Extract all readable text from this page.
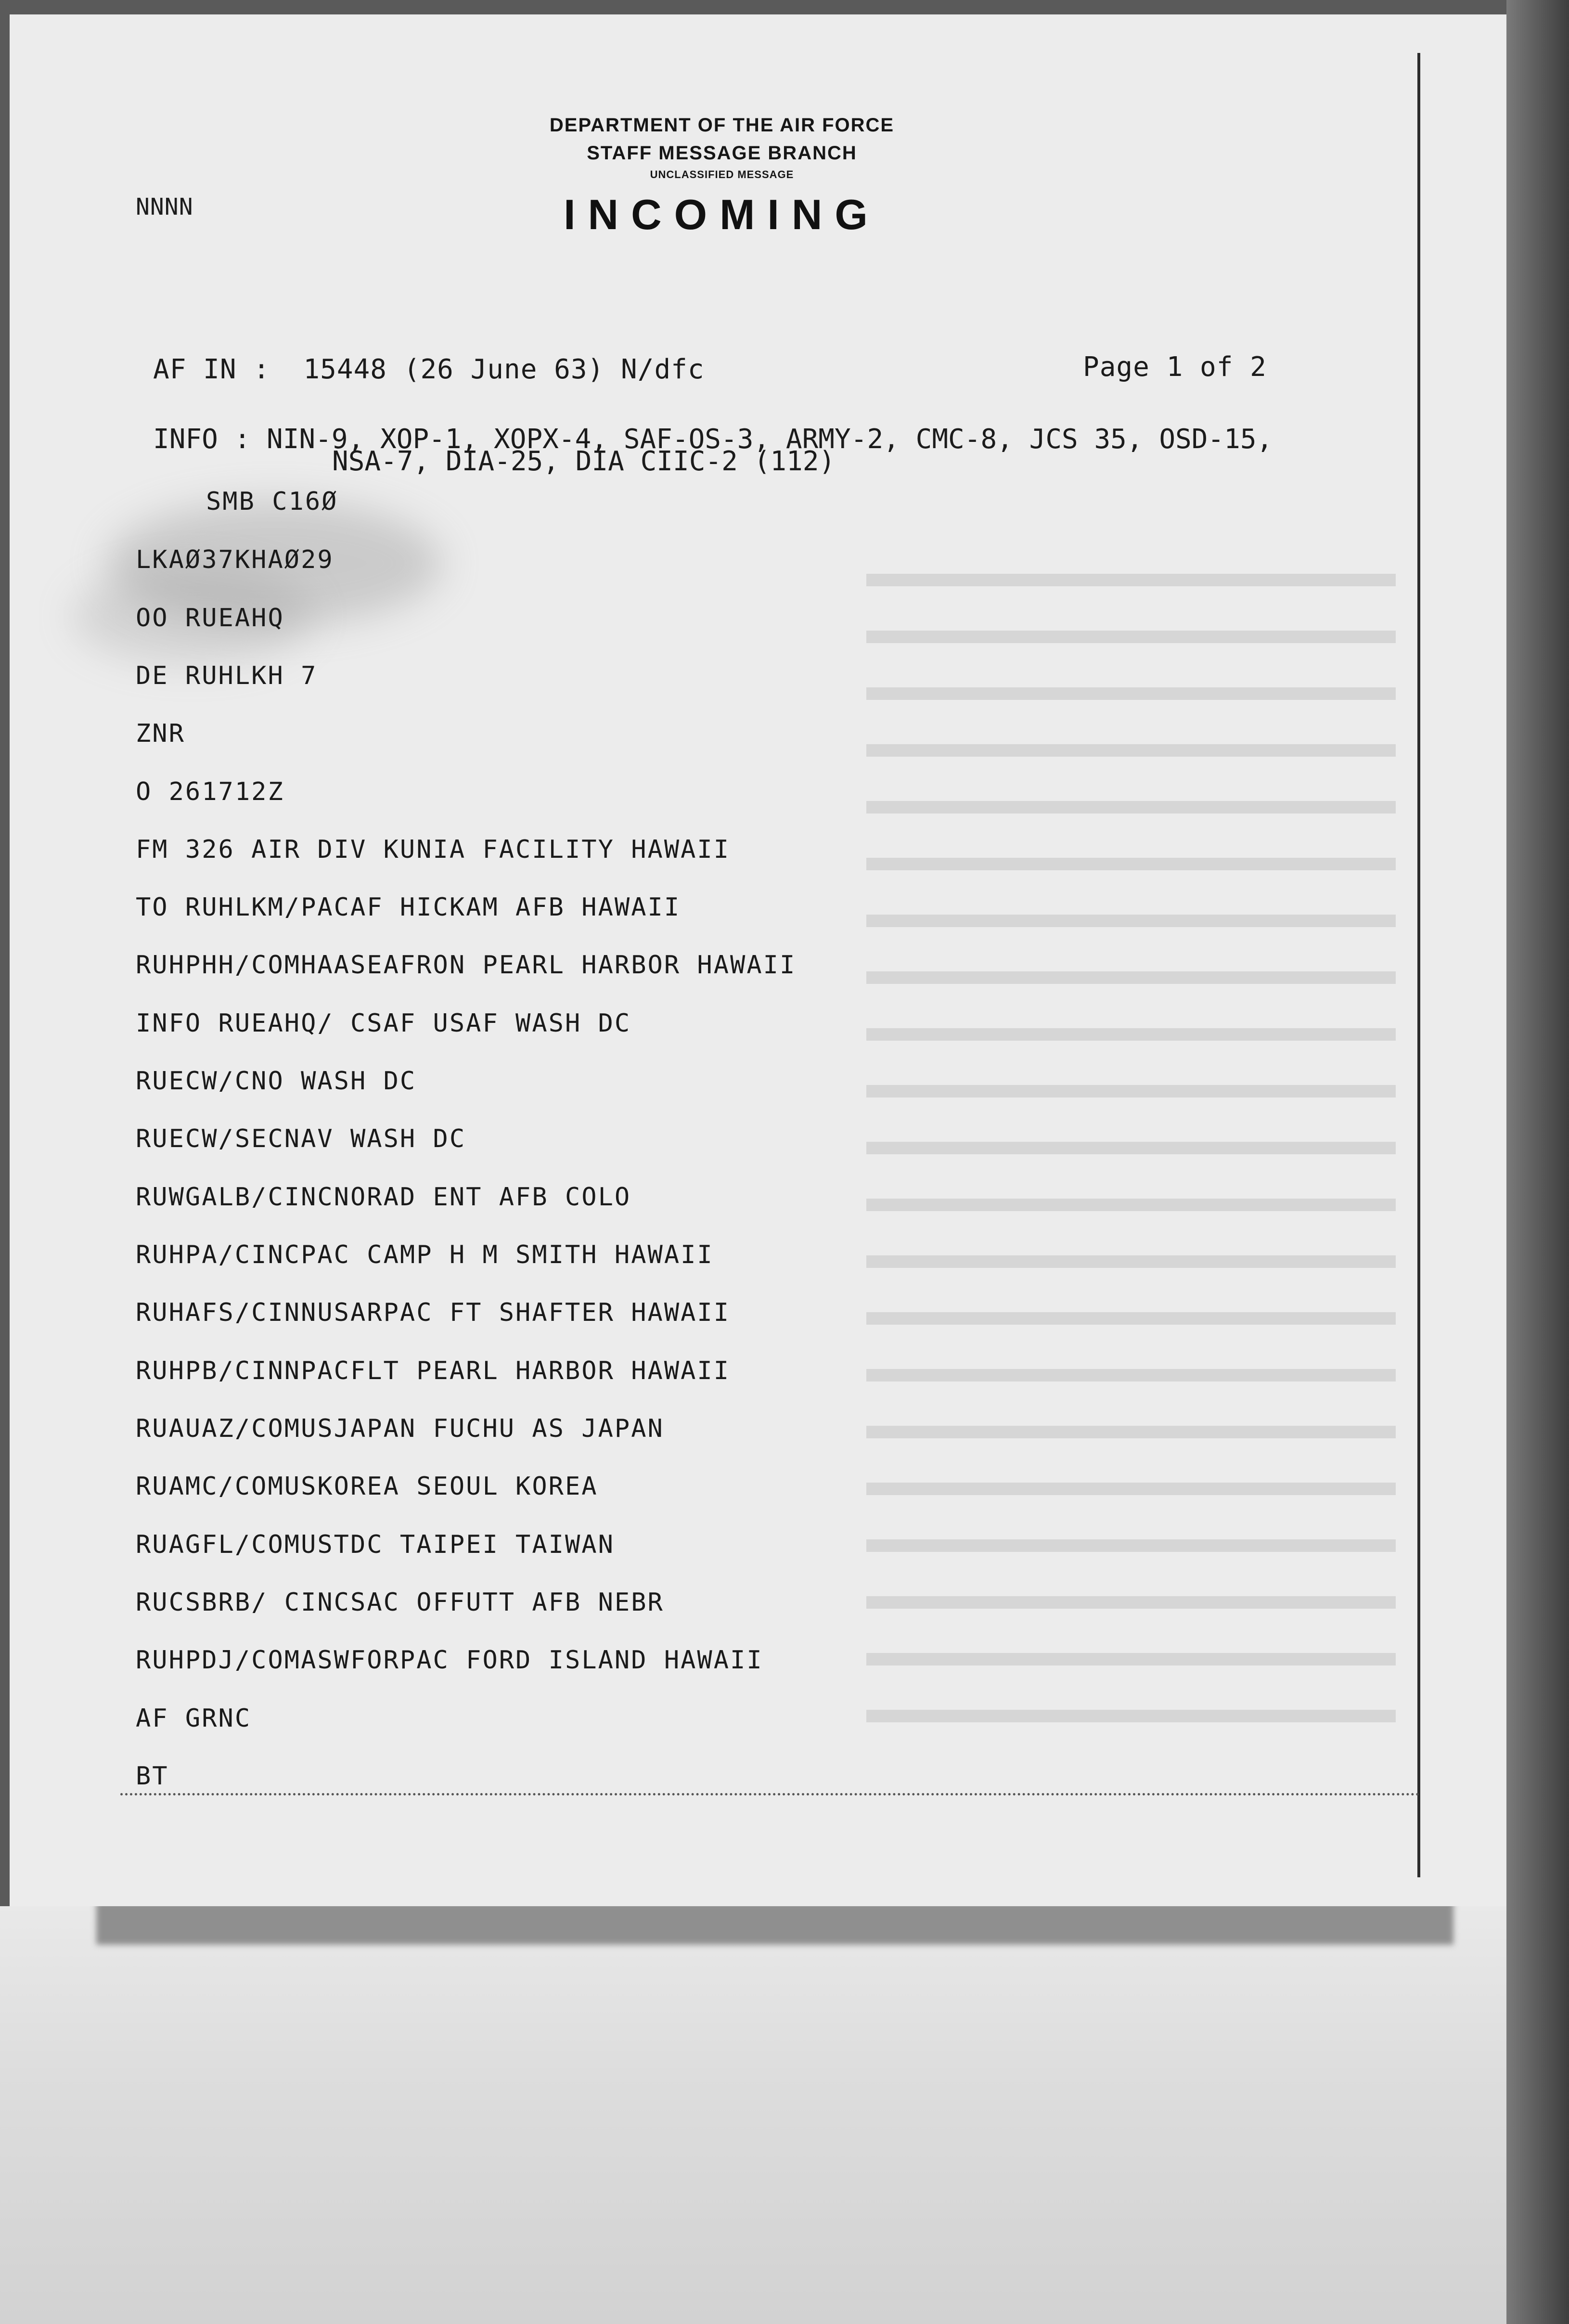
DEPARTMENT OF THE AIR FORCE
STAFF MESSAGE BRANCH
UNCLASSIFIED MESSAGE
INCOMING
NNNN
AF IN :  15448 (26 June 63) N/dfc	Page 1 of 2
INFO : NIN-9, XOP-1, XOPX-4, SAF-OS-3, ARMY-2, CMC-8, JCS 35, OSD-15,
NSA-7, DIA-25, DIA CIIC-2 (112)
SMB C16Ø
LKAØ37KHAØ29
OO RUEAHQ
DE RUHLKH 7
ZNR
O 261712Z
FM 326 AIR DIV KUNIA FACILITY HAWAII
TO RUHLKM/PACAF HICKAM AFB HAWAII
RUHPHH/COMHAASEAFRON PEARL HARBOR HAWAII
INFO RUEAHQ/ CSAF USAF WASH DC
RUECW/CNO WASH DC
RUECW/SECNAV WASH DC
RUWGALB/CINCNORAD ENT AFB COLO
RUHPA/CINCPAC CAMP H M SMITH HAWAII
RUHAFS/CINNUSARPAC FT SHAFTER HAWAII
RUHPB/CINNPACFLT PEARL HARBOR HAWAII
RUAUAZ/COMUSJAPAN FUCHU AS JAPAN
RUAMC/COMUSKOREA SEOUL KOREA
RUAGFL/COMUSTDC TAIPEI TAIWAN
RUCSBRB/ CINCSAC OFFUTT AFB NEBR
RUHPDJ/COMASWFORPAC FORD ISLAND HAWAII
AF GRNC
BT
